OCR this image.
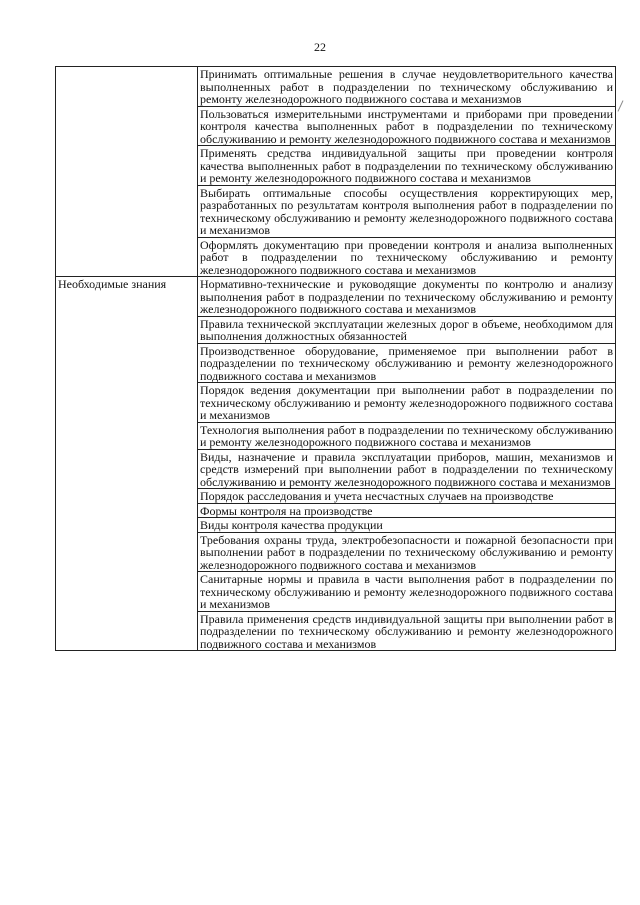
22
	Принимать оптимальные решения в случае неудовлетворительного качества выполненных работ в подразделении по техническому обслуживанию и ремонту железнодорожного подвижного состава и механизмов
	Пользоваться измерительными инструментами и приборами при проведении контроля качества выполненных работ в подразделении по техническому обслуживанию и ремонту железнодорожного подвижного состава и механизмов
	Применять средства индивидуальной защиты при проведении контроля качества выполненных работ в подразделении по техническому обслуживанию и ремонту железнодорожного подвижного состава и механизмов
	Выбирать оптимальные способы осуществления корректирующих мер, разработанных по результатам контроля выполнения работ в подразделении по техническому обслуживанию и ремонту железнодорожного подвижного состава и механизмов
	Оформлять документацию при проведении контроля и анализа выполненных работ в подразделении по техническому обслуживанию и ремонту железнодорожного подвижного состава и механизмов
Необходимые знания	Нормативно-технические и руководящие документы по контролю и анализу выполнения работ в подразделении по техническому обслуживанию и ремонту железнодорожного подвижного состава и механизмов
	Правила технической эксплуатации железных дорог в объеме, необходимом для выполнения должностных обязанностей
	Производственное оборудование, применяемое при выполнении работ в подразделении по техническому обслуживанию и ремонту железнодорожного подвижного состава и механизмов
	Порядок ведения документации при выполнении работ в подразделении по техническому обслуживанию и ремонту железнодорожного подвижного состава и механизмов
	Технология выполнения работ в подразделении по техническому обслуживанию и ремонту железнодорожного подвижного состава и механизмов
	Виды, назначение и правила эксплуатации приборов, машин, механизмов и средств измерений при выполнении работ в подразделении по техническому обслуживанию и ремонту железнодорожного подвижного состава и механизмов
	Порядок расследования и учета несчастных случаев на производстве
	Формы контроля на производстве
	Виды контроля качества продукции
	Требования охраны труда, электробезопасности и пожарной безопасности при выполнении работ в подразделении по техническому обслуживанию и ремонту железнодорожного подвижного состава и механизмов
	Санитарные нормы и правила в части выполнения работ в подразделении по техническому обслуживанию и ремонту железнодорожного подвижного состава и механизмов
	Правила применения средств индивидуальной защиты при выполнении работ в подразделении по техническому обслуживанию и ремонту железнодорожного подвижного состава и механизмов
